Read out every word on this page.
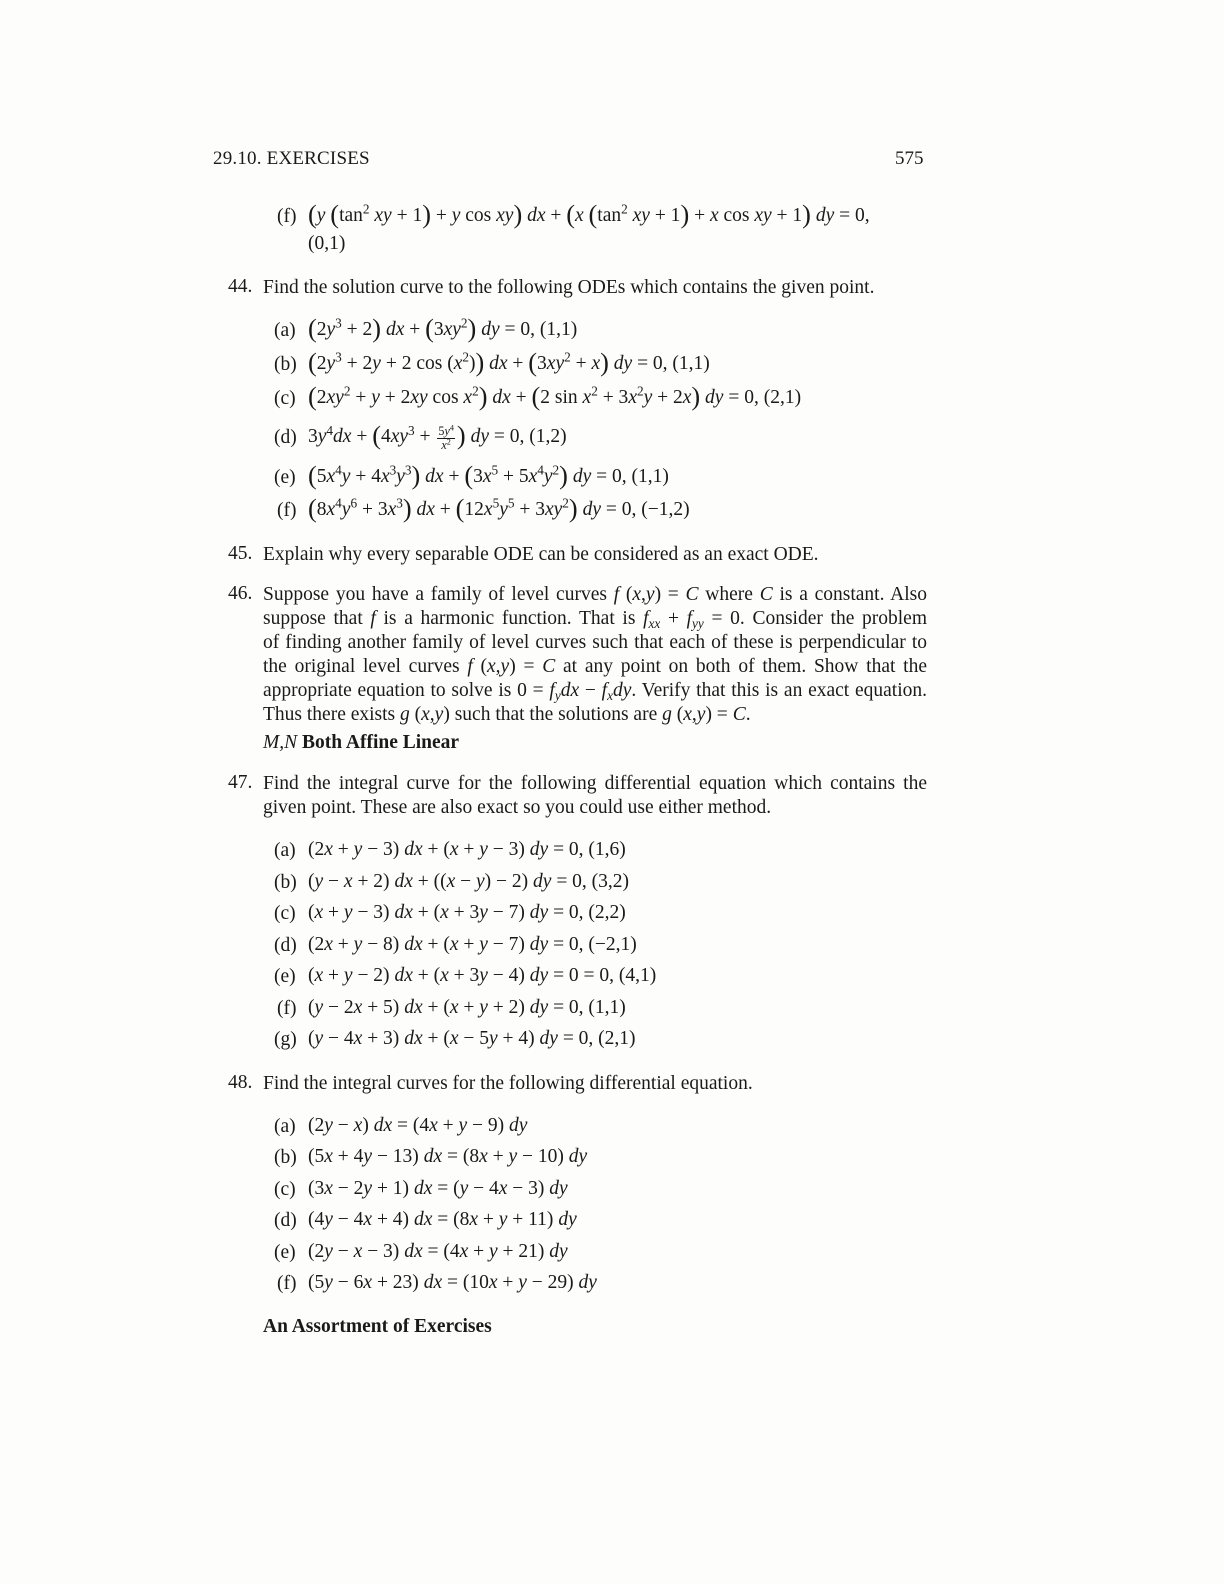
29.10. EXERCISES	575
(f) (y ($\tan^2$ xy + 1) + y cos xy) dx + (x ($\tan^2$ xy + 1) + x cos xy + 1) dy = 0,
(0,1)
44. Find the solution curve to the following ODEs which contains the given point.
(a) $(2y^3 + 2)$ dx + $(3xy^2)$ dy = 0, (1,1)
(b) ($2y^3 + 2y + 2$ $\cos (x^2)$) dx + $(3xy^2 + x)$ dy = 0, (1,1)
(c) ($2xy^2 + y + 2xy$ $\cos x^2$) dx + (2 $\sin x^2 + 3x^2y + 2x$) dy = 0, (2,1)
(d) $3y^4dx + (4xy^3 + \frac{5y^4}{x^2}$ ) dy = 0, (1,2)
(e) $(5x^4y + 4x^3y^3)$ dx + $(3x^5 + 5x^4y^2)$ dy = 0, (1,1)
(f) $(8x^4y^6 + 3x^3)$ dx + $(12x^5y^5 + 3xy^2)$ dy = 0, (−1,2)
45. Explain why every separable ODE can be considered as an exact ODE.
46. Suppose you have a family of level curves f (x,y) = C where C is a constant. Also
suppose that f is a harmonic function. That is $f_{xx} + f_{yy} = 0$. Consider the problem
of finding another family of level curves such that each of these is perpendicular to
the original level curves f (x,y) = C at any point on both of them. Show that the
appropriate equation to solve is $0 = f_ydx - f_xdy$. Verify that this is an exact equation.
Thus there exists g (x,y) such that the solutions are g (x,y) = C.
M,N Both Affine Linear
47. Find the integral curve for the following differential equation which contains the
given point. These are also exact so you could use either method.
(a) (2x + y − 3) dx + (x + y − 3) dy = 0, (1,6)
(b) (y − x + 2) dx + ((x − y) − 2) dy = 0, (3,2)
(c) (x + y − 3) dx + (x + 3y − 7) dy = 0, (2,2)
(d) (2x + y − 8) dx + (x + y − 7) dy = 0, (−2,1)
(e) (x + y − 2) dx + (x + 3y − 4) dy = 0 = 0, (4,1)
(f) (y − 2x + 5) dx + (x + y + 2) dy = 0, (1,1)
(g) (y − 4x + 3) dx + (x − 5y + 4) dy = 0, (2,1)
48. Find the integral curves for the following differential equation.
(a) (2y − x) dx = (4x + y − 9) dy
(b) (5x + 4y − 13) dx = (8x + y − 10) dy
(c) (3x − 2y + 1) dx = (y − 4x − 3) dy
(d) (4y − 4x + 4) dx = (8x + y + 11) dy
(e) (2y − x − 3) dx = (4x + y + 21) dy
(f) (5y − 6x + 23) dx = (10x + y − 29) dy
An Assortment of Exercises
